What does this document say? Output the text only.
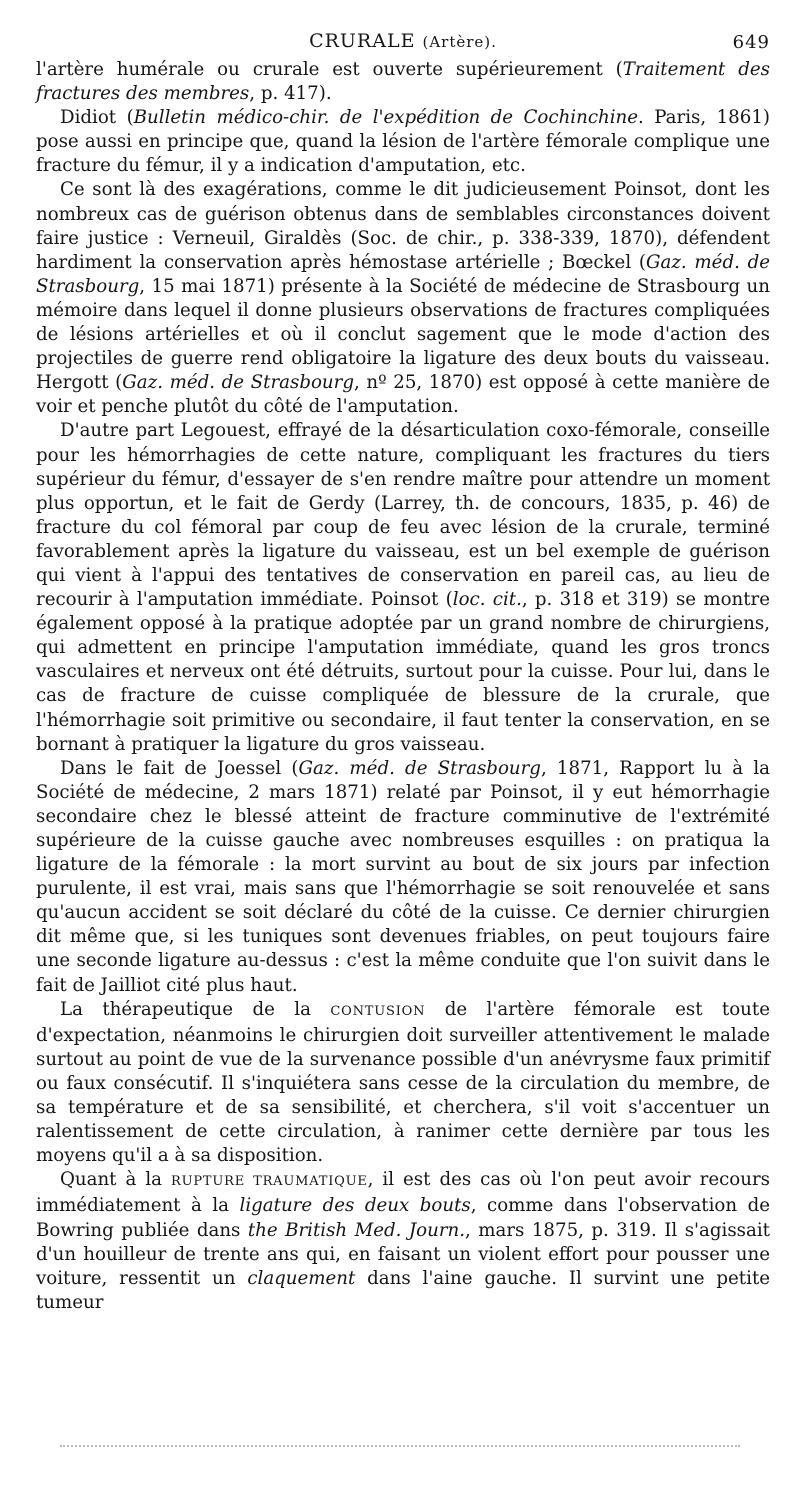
CRURALE (Artère).	649

l'artère humérale ou crurale est ouverte supérieurement (Traitement des fractures des membres, p. 417).

Didiot (Bulletin médico-chir. de l'expédition de Cochinchine. Paris, 1861) pose aussi en principe que, quand la lésion de l'artère fémorale complique une fracture du fémur, il y a indication d'amputation, etc.

Ce sont là des exagérations, comme le dit judicieusement Poinsot, dont les nombreux cas de guérison obtenus dans de semblables circonstances doivent faire justice : Verneuil, Giraldès (Soc. de chir., p. 338-339, 1870), défendent hardiment la conservation après hémostase artérielle ; Bœckel (Gaz. méd. de Strasbourg, 15 mai 1871) présente à la Société de médecine de Strasbourg un mémoire dans lequel il donne plusieurs observations de fractures compliquées de lésions artérielles et où il conclut sagement que le mode d'action des projectiles de guerre rend obligatoire la ligature des deux bouts du vaisseau. Hergott (Gaz. méd. de Strasbourg, nº 25, 1870) est opposé à cette manière de voir et penche plutôt du côté de l'amputation.

D'autre part Legouest, effrayé de la désarticulation coxo-fémorale, conseille pour les hémorrhagies de cette nature, compliquant les fractures du tiers supérieur du fémur, d'essayer de s'en rendre maître pour attendre un moment plus opportun, et le fait de Gerdy (Larrey, th. de concours, 1835, p. 46) de fracture du col fémoral par coup de feu avec lésion de la crurale, terminé favorablement après la ligature du vaisseau, est un bel exemple de guérison qui vient à l'appui des tentatives de conservation en pareil cas, au lieu de recourir à l'amputation immédiate. Poinsot (loc. cit., p. 318 et 319) se montre également opposé à la pratique adoptée par un grand nombre de chirurgiens, qui admettent en principe l'amputation immédiate, quand les gros troncs vasculaires et nerveux ont été détruits, surtout pour la cuisse. Pour lui, dans le cas de fracture de cuisse compliquée de blessure de la crurale, que l'hémorrhagie soit primitive ou secondaire, il faut tenter la conservation, en se bornant à pratiquer la ligature du gros vaisseau.

Dans le fait de Joessel (Gaz. méd. de Strasbourg, 1871, Rapport lu à la Société de médecine, 2 mars 1871) relaté par Poinsot, il y eut hémorrhagie secondaire chez le blessé atteint de fracture comminutive de l'extrémité supérieure de la cuisse gauche avec nombreuses esquilles : on pratiqua la ligature de la fémorale : la mort survint au bout de six jours par infection purulente, il est vrai, mais sans que l'hémorrhagie se soit renouvelée et sans qu'aucun accident se soit déclaré du côté de la cuisse. Ce dernier chirurgien dit même que, si les tuniques sont devenues friables, on peut toujours faire une seconde ligature au-dessus : c'est la même conduite que l'on suivit dans le fait de Jailliot cité plus haut.

La thérapeutique de la CONTUSION de l'artère fémorale est toute d'expectation, néanmoins le chirurgien doit surveiller attentivement le malade surtout au point de vue de la survenance possible d'un anévrysme faux primitif ou faux consécutif. Il s'inquiétera sans cesse de la circulation du membre, de sa température et de sa sensibilité, et cherchera, s'il voit s'accentuer un ralentissement de cette circulation, à ranimer cette dernière par tous les moyens qu'il a à sa disposition.

Quant à la RUPTURE TRAUMATIQUE, il est des cas où l'on peut avoir recours immédiatement à la ligature des deux bouts, comme dans l'observation de Bowring publiée dans the British Med. Journ., mars 1875, p. 319. Il s'agissait d'un houilleur de trente ans qui, en faisant un violent effort pour pousser une voiture, ressentit un claquement dans l'aine gauche. Il survint une petite tumeur
